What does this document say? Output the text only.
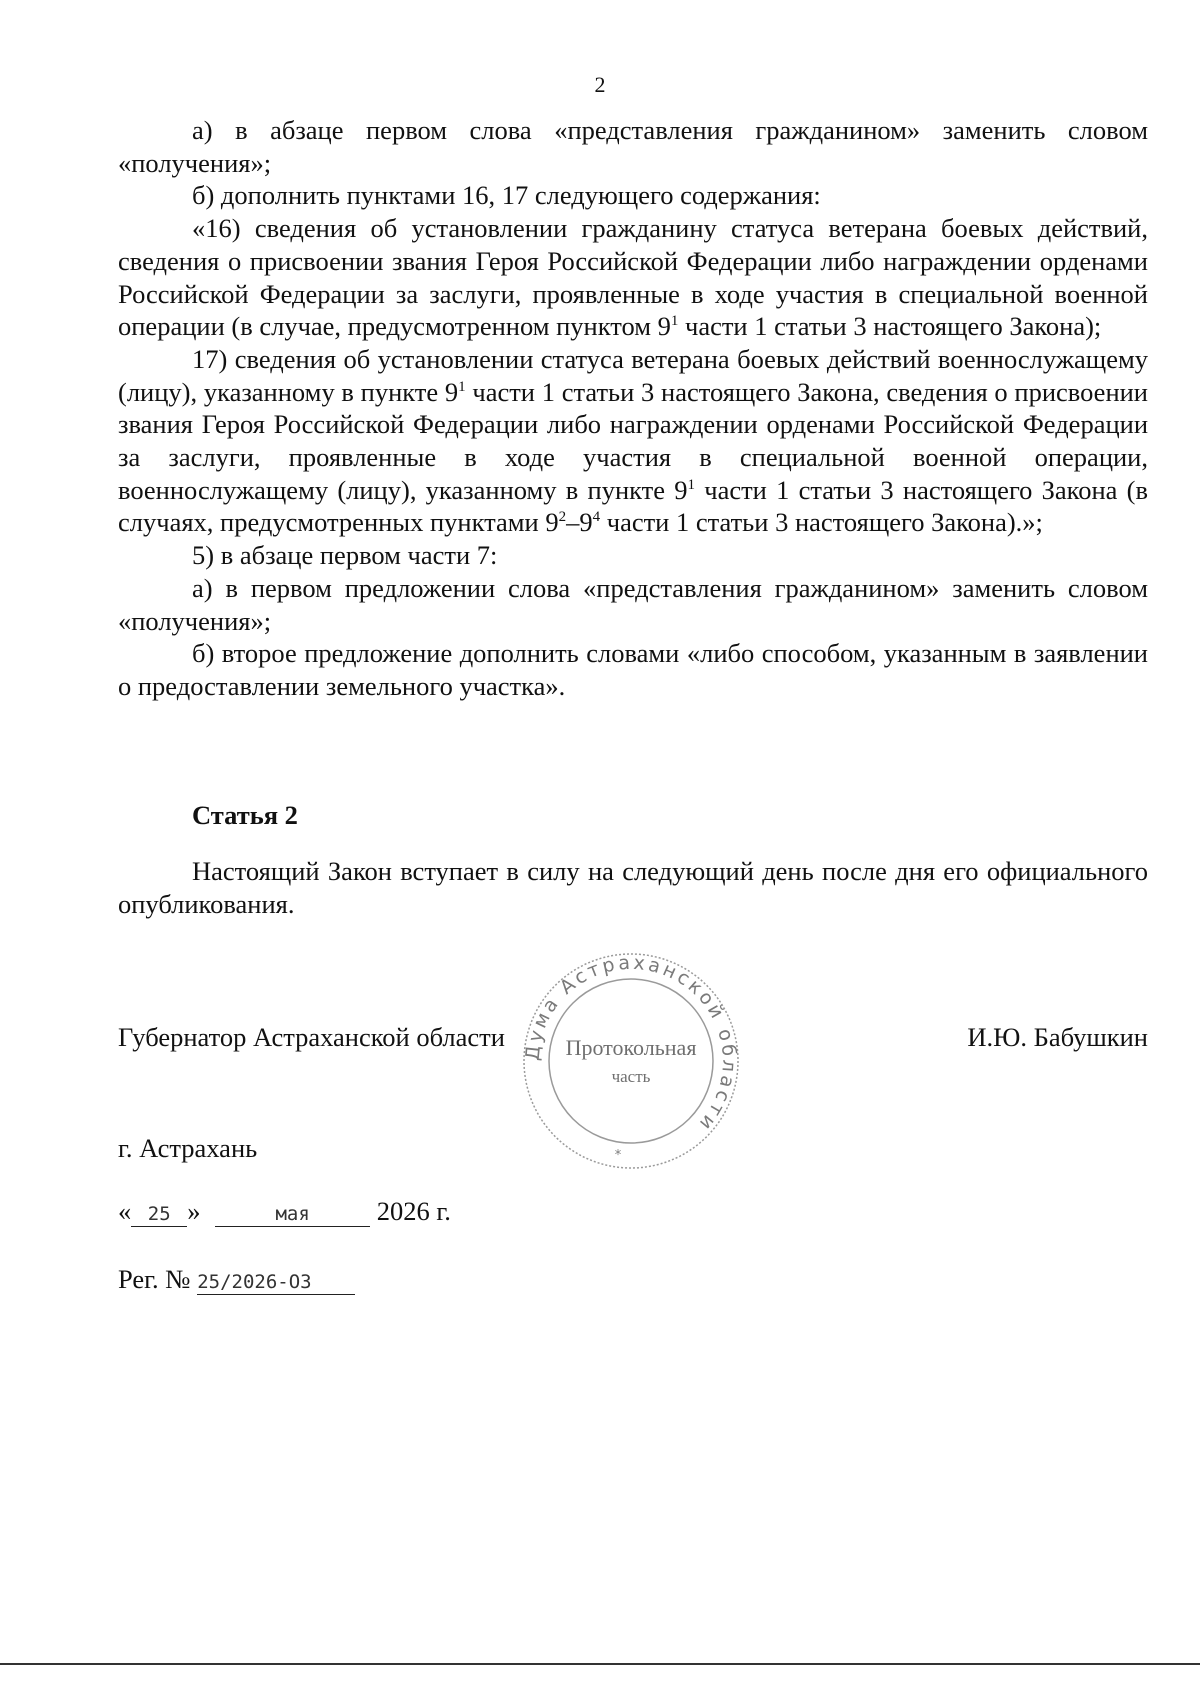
2

а) в абзаце первом слова «представления гражданином» заменить словом «получения»;

б) дополнить пунктами 16, 17 следующего содержания:

«16) сведения об установлении гражданину статуса ветерана боевых действий, сведения о присвоении звания Героя Российской Федерации либо награждении орденами Российской Федерации за заслуги, проявленные в ходе участия в специальной военной операции (в случае, предусмотренном пунктом $9^1$ части 1 статьи 3 настоящего Закона);

17) сведения об установлении статуса ветерана боевых действий военнослужащему (лицу), указанному в пункте $9^1$ части 1 статьи 3 настоящего Закона, сведения о присвоении звания Героя Российской Федерации либо награждении орденами Российской Федерации за заслуги, проявленные в ходе участия в специальной военной операции, военнослужащему (лицу), указанному в пункте $9^1$ части 1 статьи 3 настоящего Закона (в случаях, предусмотренных пунктами $9^2-9^4$ части 1 статьи 3 настоящего Закона).»;

5) в абзаце первом части 7:

а) в первом предложении слова «представления гражданином» заменить словом «получения»;

б) второе предложение дополнить словами «либо способом, указанным в заявлении о предоставлении земельного участка».

Статья 2

Настоящий Закон вступает в силу на следующий день после дня его официального опубликования.

Губернатор Астраханской области	И.Ю. Бабушкин
Дума Астраханской области
Протокольная
часть
*
г. Астрахань
« 25 »	мая	2026 г.
Рег. № 25/2026-ОЗ
